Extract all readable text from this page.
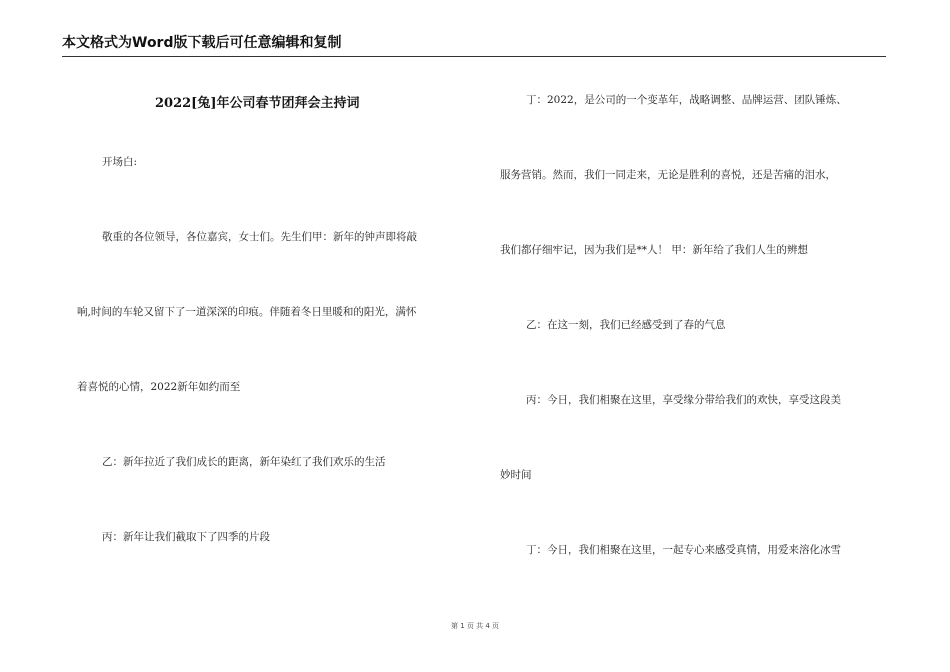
本文格式为Word版下载后可任意编辑和复制
2022[兔]年公司春节团拜会主持词
开场白:
敬重的各位领导，各位嘉宾，女士们。先生们甲：新年的钟声即将敲
响,时间的车轮又留下了一道深深的印痕。伴随着冬日里暖和的阳光，满怀
着喜悦的心情，2022新年如约而至
乙：新年拉近了我们成长的距离，新年染红了我们欢乐的生活
丙：新年让我们截取下了四季的片段
丁：2022，是公司的一个变革年，战略调整、品牌运营、团队锤炼、
服务营销。然而，我们一同走来，无论是胜利的喜悦，还是苦痛的泪水，
我们都仔细牢记，因为我们是**人！ 甲：新年给了我们人生的辨想
乙：在这一刻，我们已经感受到了春的气息
丙：今日，我们相聚在这里，享受缘分带给我们的欢快，享受这段美
妙时间
丁：今日，我们相聚在这里，一起专心来感受真情，用爱来溶化冰雪
第 1 页 共 4 页
